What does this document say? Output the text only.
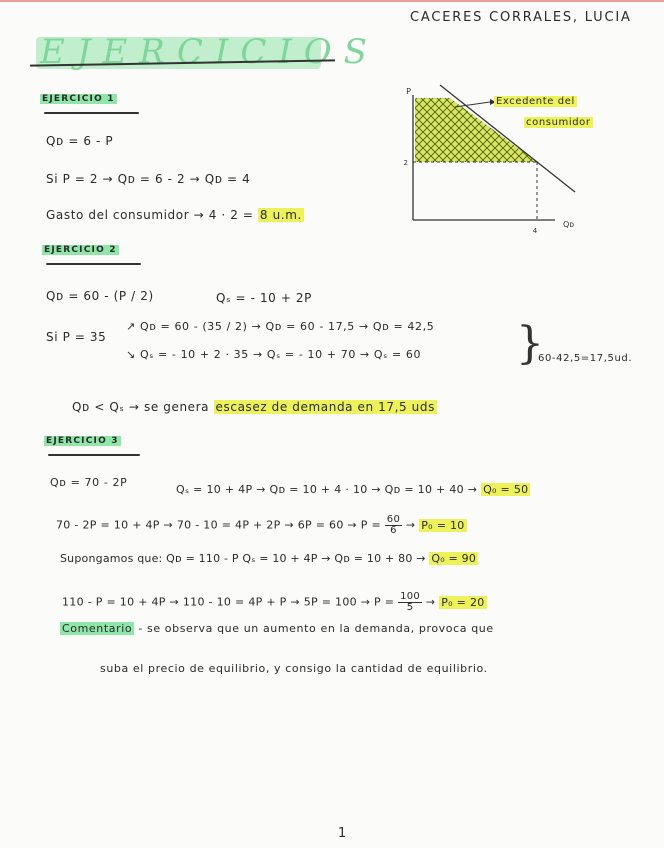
CACERES CORRALES, LUCIA
EJERCICIOS
EJERCICIO 1
Qᴅ = 6 - P
Si P = 2 → Qᴅ = 6 - 2 → Qᴅ = 4
Gasto del consumidor → 4 · 2 = 8 u.m.
P
Qᴅ
2
4
Excedente del
consumidor
EJERCICIO 2
Qᴅ = 60 - (P / 2)	Qₛ = - 10 + 2P
Si P = 35
↗ Qᴅ = 60 - (35 / 2) → Qᴅ = 60 - 17,5 → Qᴅ = 42,5
↘ Qₛ = - 10 + 2 · 35 → Qₛ = - 10 + 70 → Qₛ = 60 }
60-42,5=17,5ud.
Qᴅ < Qₛ → se genera escasez de demanda en 17,5 uds
EJERCICIO 3
Qᴅ = 70 - 2P
Qₛ = 10 + 4P → Qᴅ = 10 + 4 · 10 → Qᴅ = 10 + 40 → Q₀ = 50
$70 - 2P = 10 + 4P \to 70 - 10 = 4P + 2P \to 6P = 60 \to P = \frac{60}{6} \to P_0 = 10$
Supongamos que: Qᴅ = 110 - P Qₛ = 10 + 4P → Qᴅ = 10 + 80 → Q₀ = 90
$110 - P = 10 + 4P \to 110 - 10 = 4P + P \to 5P = 100 \to P = \frac{100}{5} \to P_0 = 20$
Comentario - se observa que un aumento en la demanda, provoca que
suba el precio de equilibrio, y consigo la cantidad de equilibrio.
1
